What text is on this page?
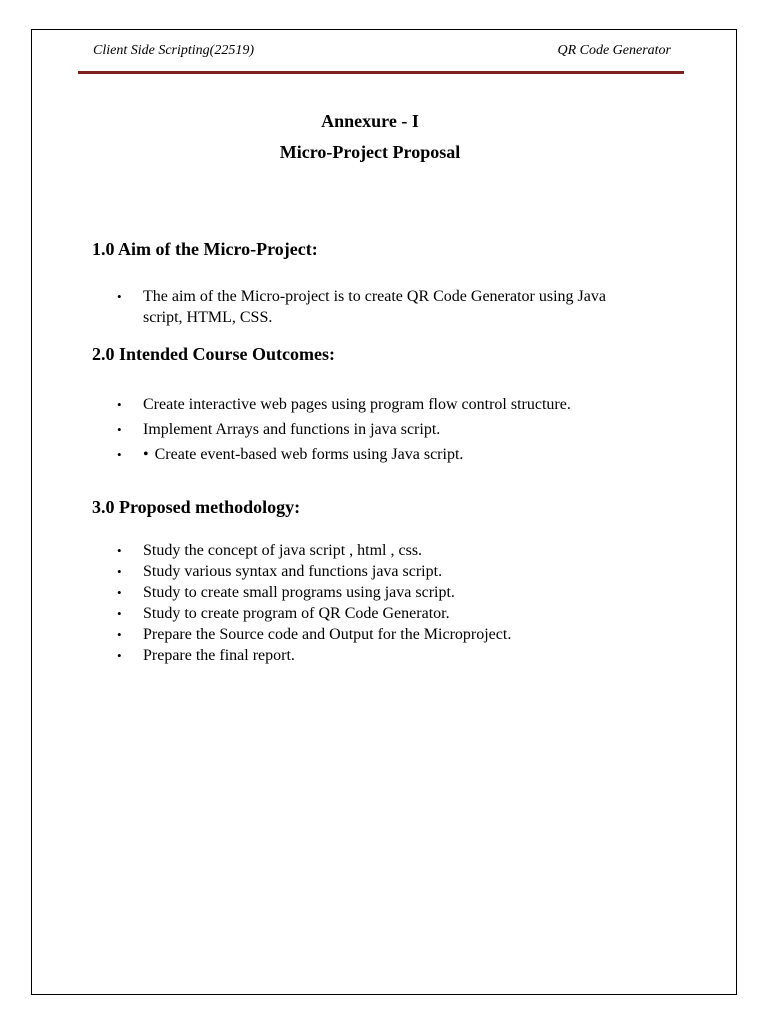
Client Side Scripting(22519)	QR Code Generator
Annexure - I
Micro-Project Proposal
1.0 Aim of the Micro-Project:
• The aim of the Micro-project is to create QR Code Generator using Java script, HTML, CSS.
2.0 Intended Course Outcomes:
• Create interactive web pages using program flow control structure.
• Implement Arrays and functions in java script.
• • Create event-based web forms using Java script.
3.0 Proposed methodology:
• Study the concept of java script , html , css.
• Study various syntax and functions java script.
• Study to create small programs using java script.
• Study to create program of QR Code Generator.
• Prepare the Source code and Output for the Microproject.
• Prepare the final report.
